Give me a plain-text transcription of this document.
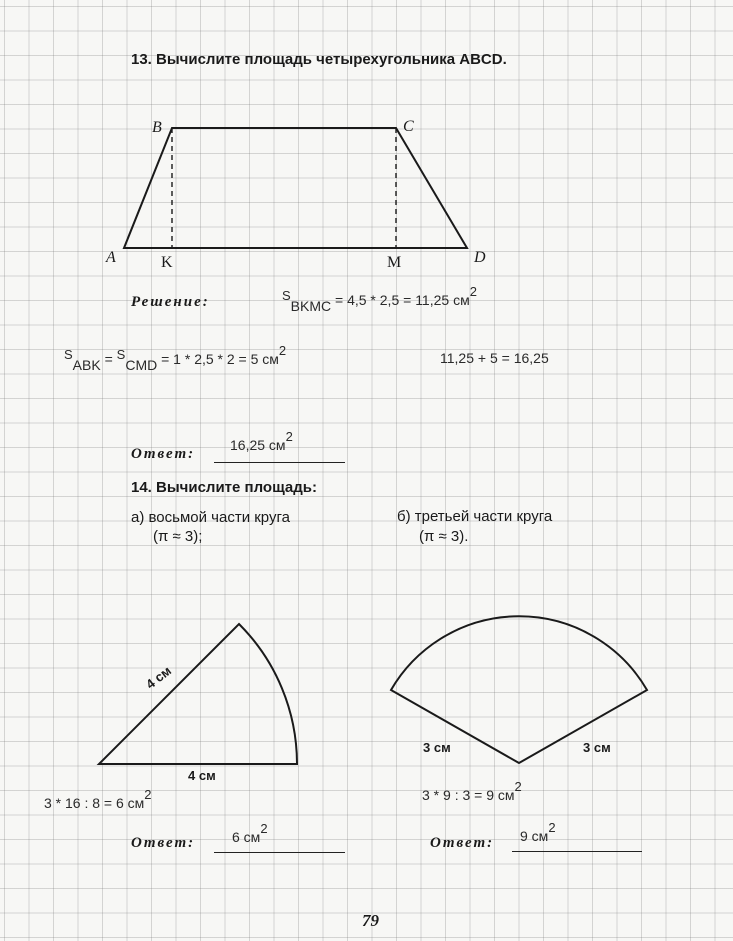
13. Вычислите площадь четырехугольника ABCD.
B	C
A	D
K	M
Решение:	SBKMC = 4,5 * 2,5 = 11,25 см2
SABK = SCMD = 1 * 2,5 * 2 = 5 см2	11,25 + 5 = 16,25
Ответ:
16,25 см2
14. Вычислите площадь:
а) восьмой части круга
(π ≈ 3);
б) третьей части круга
(π ≈ 3).
4 см
4 см
3 см	3 см
3 * 16 : 8 = 6 см2	3 * 9 : 3 = 9 см2
Ответ:	6 см2
Ответ:	9 см2
79
